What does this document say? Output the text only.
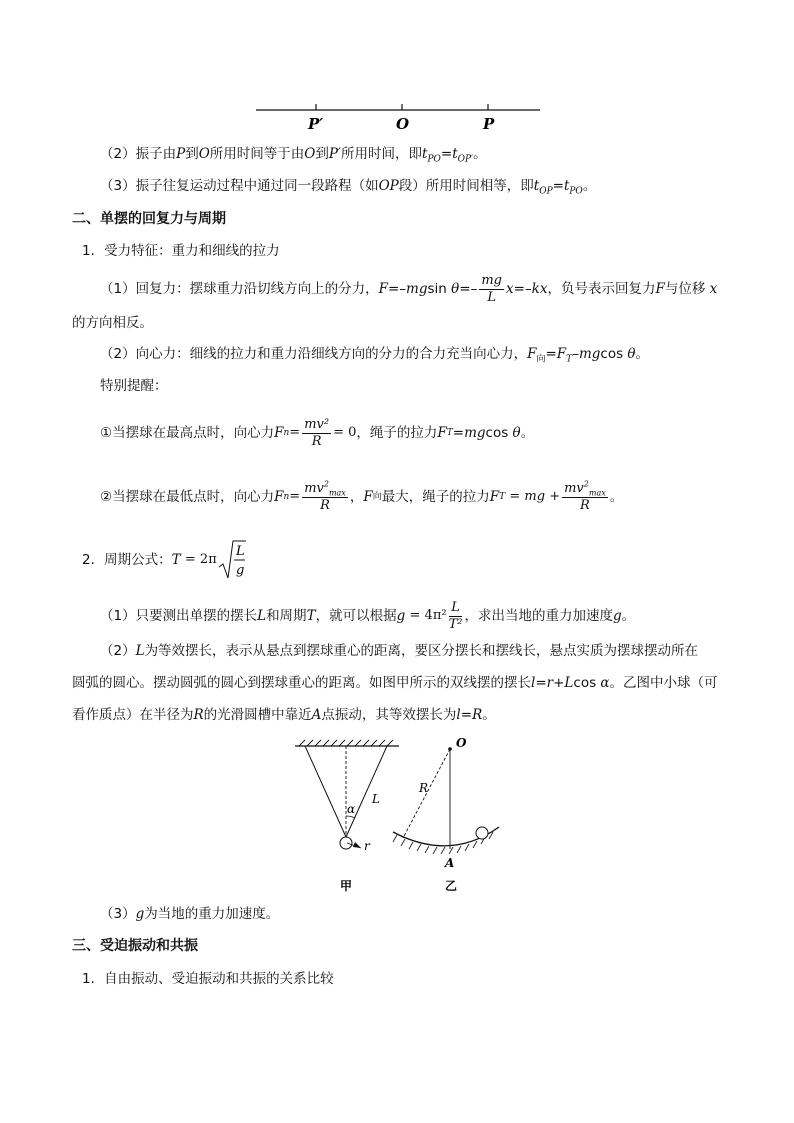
P′	O	P
（2）振子由P到O所用时间等于由O到P′所用时间，即$t_{PO}=t_{OP'}$。
（3）振子往复运动过程中通过同一段路程（如OP段）所用时间相等，即$t_{OP}=t_{PO}$。
二、单摆的回复力与周期
1．受力特征：重力和细线的拉力
（1）回复力：摆球重力沿切线方向上的分力， F =– mg sin
$\theta =- \frac{mg}{L}$ x =– kx ，负号表示回复力 F 与位移
x
的方向相反。
（2）向心力：细线的拉力和重力沿细线方向的分力的合力充当向心力，$F_向=F_T$–mgcos θ。
特别提醒：
①当摆球在最高点时，向心力 F $n = \frac{\text{mv²}}{R} = 0$ ，绳子的拉力 F T = mg cos
θ 。
②当摆球在最低点时，向心力 F $n = \frac{mv^2_{max}}{R}$ ， F 向 最大，绳子的拉力 F T
= mg + $\frac{mv^2_{max}}{R}$ 。
2．周期公式： T
= 2π
L
g
（1）只要测出单摆的摆长 L 和周期 T ，就可以根据 g
= $4\pi^2 \frac{L}{\text{T²}}$ ，求出当地的重力加速度 g 。
（2）L为等效摆长，表示从悬点到摆球重心的距离，要区分摆长和摆线长，悬点实质为摆球摆动所在
圆弧的圆心。摆动圆弧的圆心到摆球重心的距离。如图甲所示的双线摆的摆长l=r+Lcos α。乙图中小球（可
看作质点）在半径为R的光滑圆槽中靠近A点振动，其等效摆长为l=R。
α
L
r
甲
O
R
A
乙
（3）g为当地的重力加速度。
三、受迫振动和共振
1．自由振动、受迫振动和共振的关系比较
